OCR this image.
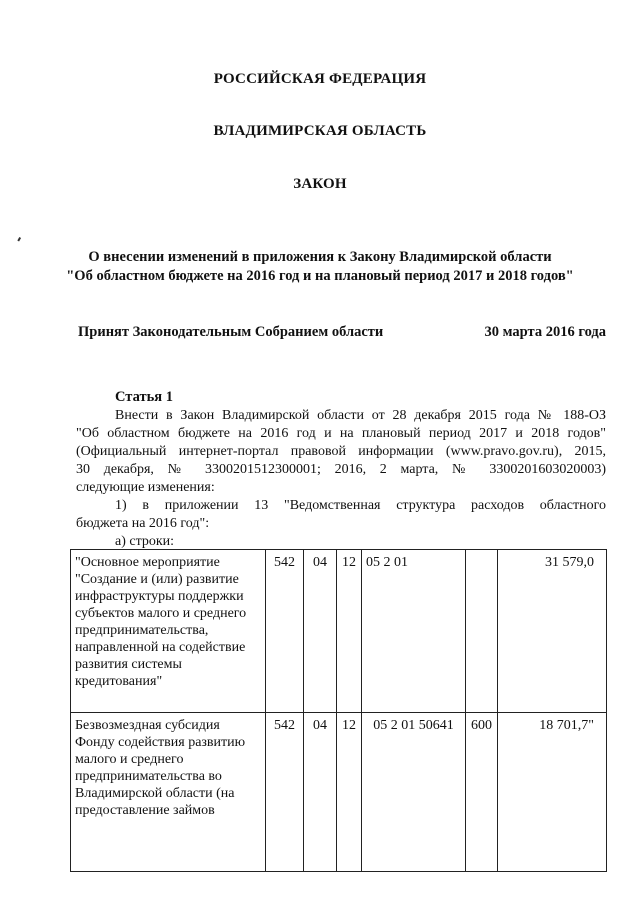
РОССИЙСКАЯ ФЕДЕРАЦИЯ
ВЛАДИМИРСКАЯ ОБЛАСТЬ
ЗАКОН
О внесении изменений в приложения к Закону Владимирской области
"Об областном бюджете на 2016 год и на плановый период 2017 и 2018 годов"
Принят Законодательным Собранием области	30 марта 2016 года
Статья 1
Внести в Закон Владимирской области от 28 декабря 2015 года № 188-ОЗ
"Об областном бюджете на 2016 год и на плановый период 2017 и 2018 годов"
(Официальный интернет-портал правовой информации (www.pravo.gov.ru), 2015,
30 декабря, № 3300201512300001; 2016, 2 марта, № 3300201603020003)
следующие изменения:
1) в приложении 13 "Ведомственная структура расходов областного
бюджета на 2016 год":
а) строки:
"Основное мероприятие "Создание и (или) развитие инфраструктуры поддержки субъектов малого и среднего предпринимательства, направленной на содействие развития системы кредитования"	542	04	12	05 2 01		31 579,0
Безвозмездная субсидия Фонду содействия развитию малого и среднего предпринимательства во Владимирской области (на предоставление займов	542	04	12	05 2 01 50641	600	18 701,7"
